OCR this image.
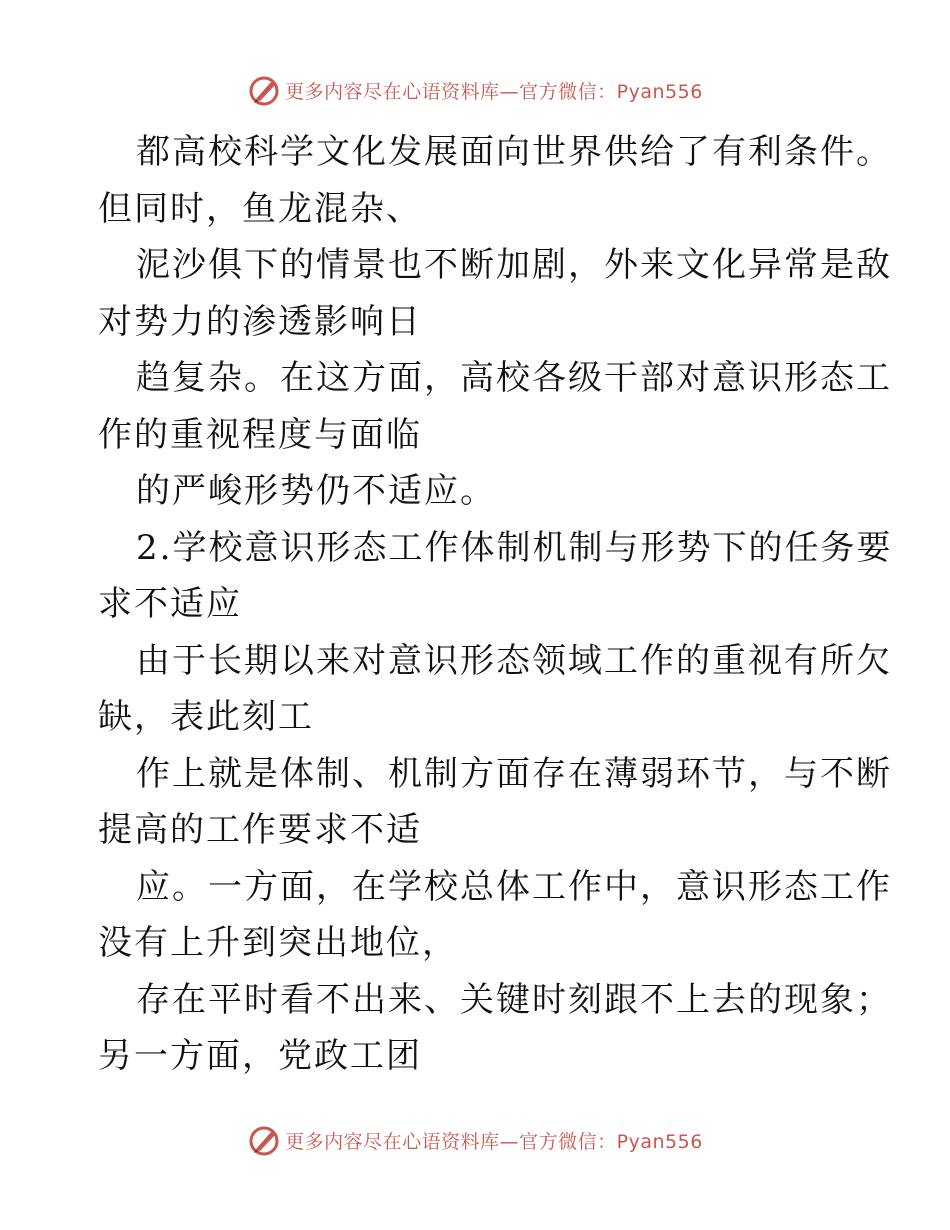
更多内容尽在心语资料库—官方微信：Pyan556
都高校科学文化发展面向世界供给了有利条件。
但同时，鱼龙混杂、
泥沙俱下的情景也不断加剧，外来文化异常是敌
对势力的渗透影响日
趋复杂。在这方面，高校各级干部对意识形态工
作的重视程度与面临
的严峻形势仍不适应。
2.学校意识形态工作体制机制与形势下的任务要
求不适应
由于长期以来对意识形态领域工作的重视有所欠
缺，表此刻工
作上就是体制、机制方面存在薄弱环节，与不断
提高的工作要求不适
应。一方面，在学校总体工作中，意识形态工作
没有上升到突出地位，
存在平时看不出来、关键时刻跟不上去的现象；
另一方面，党政工团
更多内容尽在心语资料库—官方微信：Pyan556
